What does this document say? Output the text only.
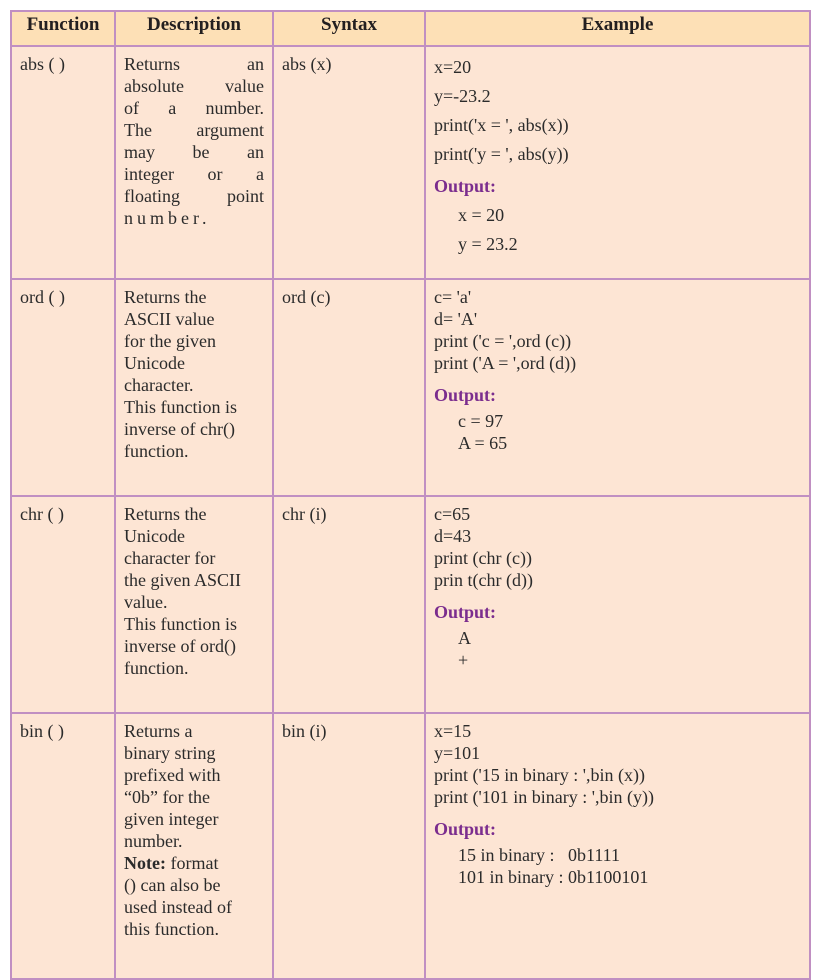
Function	Description	Syntax	Example
abs ( )	Returns an
absolute value
of a number.
The argument
may be an
integer or a
floating point
number.
	abs (x)	x=20
y=-23.2
print('x = ', abs(x))
print('y = ', abs(y))
Output:
x = 20
y = 23.2

ord ( )	Returns the
ASCII value
for the given
Unicode
character.
This function is
inverse of chr()
function.
	ord (c)	c= 'a'
d= 'A'
print ('c = ',ord (c))
print ('A = ',ord (d))
Output:
c = 97
A = 65

chr ( )	Returns the
Unicode
character for
the given ASCII
value.
This function is
inverse of ord()
function.
	chr (i)	c=65
d=43
print (chr (c))
prin t(chr (d))
Output:
A
+

bin ( )	Returns a
binary string
prefixed with
“0b” for the
given integer
number.
Note: format
() can also be
used instead of
this function.
	bin (i)	x=15
y=101
print ('15 in binary : ',bin (x))
print ('101 in binary : ',bin (y))
Output:
15 in binary :   0b1111
101 in binary : 0b1100101
